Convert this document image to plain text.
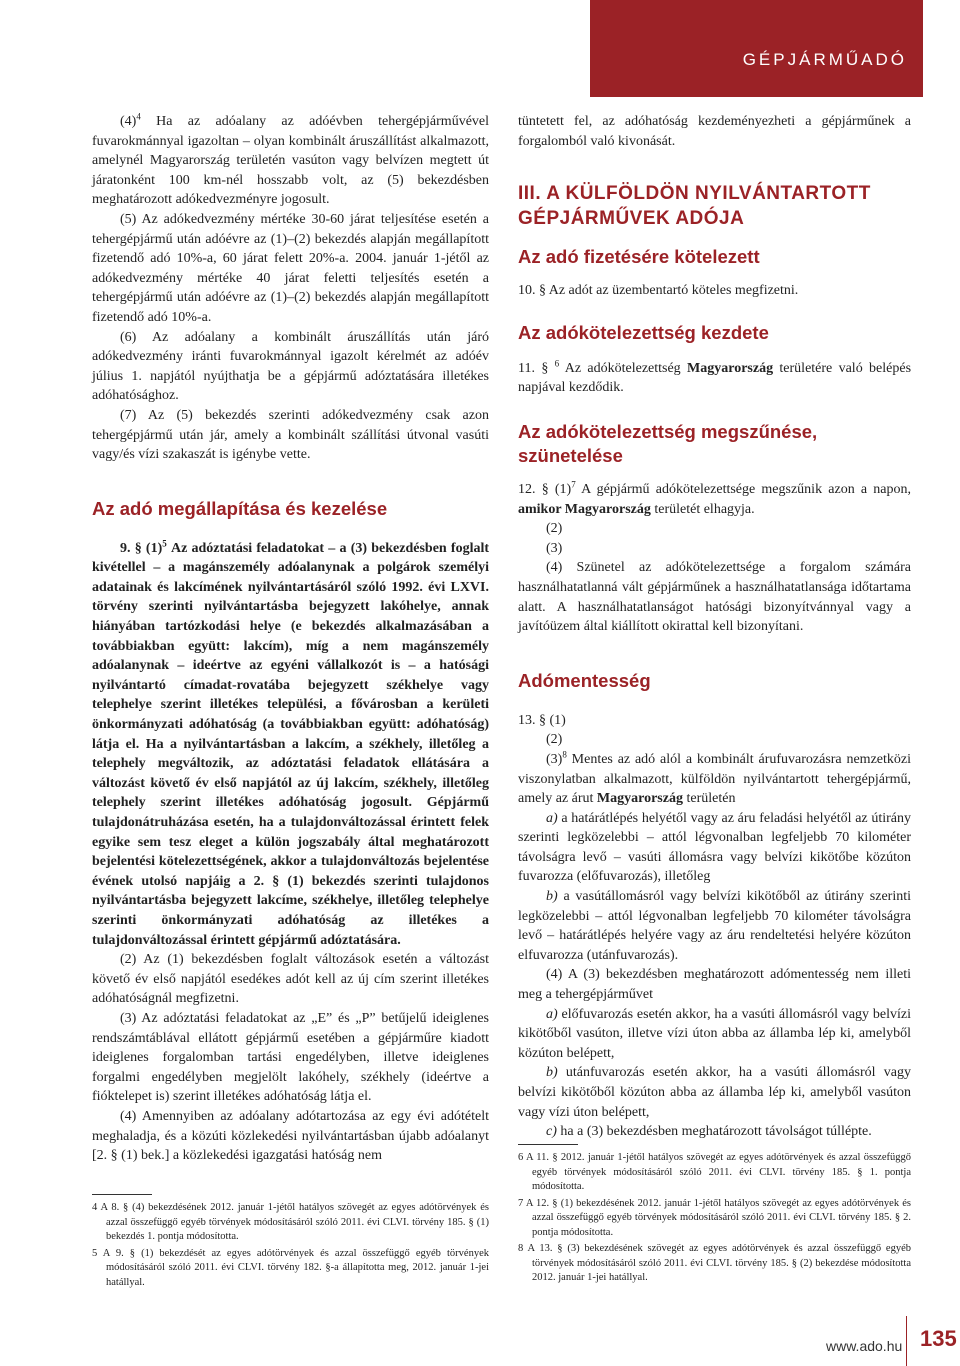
GÉPJÁRMŰADÓ

$(4)^4$ Ha az adóalany az adóévben tehergépjárművével fuvarokmánnyal igazoltan – olyan kombinált áruszállítást alkalmazott, amelynél Magyarország területén vasúton vagy belvízen megtett út járatonként 100 km-nél hosszabb volt, az (5) bekezdésben meghatározott adókedvezményre jogosult.

(5) Az adókedvezmény mértéke 30-60 járat teljesítése esetén a tehergépjármű után adóévre az (1)–(2) bekezdés alapján megállapított fizetendő adó 10%-a, 60 járat felett 20%-a. 2004. január 1-jétől az adókedvezmény mértéke 40 járat feletti teljesítés esetén a tehergépjármű után adóévre az (1)–(2) bekezdés alapján megállapított fizetendő adó 10%-a.

(6) Az adóalany a kombinált áruszállítás után járó adókedvezmény iránti fuvarokmánnyal igazolt kérelmét az adóév július 1. napjától nyújthatja be a gépjármű adóztatására illetékes adóhatósághoz.

(7) Az (5) bekezdés szerinti adókedvezmény csak azon tehergépjármű után jár, amely a kombinált szállítási útvonal vasúti vagy/és vízi szakaszát is igénybe vette.

Az adó megállapítása és kezelése

9. § $(1)^5$ Az adóztatási feladatokat – a (3) bekezdésben foglalt kivétellel – a magánszemély adóalanynak a polgárok személyi adatainak és lakcímének nyilvántartásáról szóló 1992. évi LXVI. törvény szerinti nyilvántartásba bejegyzett lakóhelye, annak hiányában tartózkodási helye (e bekezdés alkalmazásában a továbbiakban együtt: lakcím), míg a nem magánszemély adóalanynak – ideértve az egyéni vállalkozót is – a hatósági nyilvántartó címadat-rovatába bejegyzett székhelye vagy telephelye szerint illetékes települési, a fővárosban a kerületi önkormányzati adóhatóság (a továbbiakban együtt: adóhatóság) látja el. Ha a nyilvántartásban a lakcím, a székhely, illetőleg a telephely megváltozik, az adóztatási feladatok ellátására a változást követő év első napjától az új lakcím, székhely, illetőleg telephely szerint illetékes adóhatóság jogosult. Gépjármű tulajdonátruházása esetén, ha a tulajdonváltozással érintett felek egyike sem tesz eleget a külön jogszabály által meghatározott bejelentési kötelezettségének, akkor a tulajdonváltozás bejelentése évének utolsó napjáig a 2. § (1) bekezdés szerinti tulajdonos nyilvántartásba bejegyzett lakcíme, székhelye, illetőleg telephelye szerinti önkormányzati adóhatóság az illetékes a tulajdonváltozással érintett gépjármű adóztatására.

(2) Az (1) bekezdésben foglalt változások esetén a változást követő év első napjától esedékes adót kell az új cím szerint illetékes adóhatóságnál megfizetni.

(3) Az adóztatási feladatokat az „E” és „P” betűjelű ideiglenes rendszámtáblával ellátott gépjármű esetében a gépjárműre kiadott ideiglenes forgalomban tartási engedélyben, illetve ideiglenes forgalmi engedélyben megjelölt lakóhely, székhely (ideértve a fióktelepet is) szerint illetékes adóhatóság látja el.

(4) Amennyiben az adóalany adótartozása az egy évi adótételt meghaladja, és a közúti közlekedési nyilvántartásban újabb adóalanyt [2. § (1) bek.] a közlekedési igazgatási hatóság nem

4 A 8. § (4) bekezdésének 2012. január 1-jétől hatályos szövegét az egyes adótörvények és azzal összefüggő egyéb törvények módosításáról szóló 2011. évi CLVI. törvény 185. § (1) bekezdés 1. pontja módosította.

5 A 9. § (1) bekezdését az egyes adótörvények és azzal összefüggő egyéb törvények módosításáról szóló 2011. évi CLVI. törvény 182. §-a állapította meg, 2012. január 1-jei hatállyal.

tüntetett fel, az adóhatóság kezdeményezheti a gépjárműnek a forgalomból való kivonását.

III. A KÜLFÖLDÖN NYILVÁNTARTOTT GÉPJÁRMŰVEK ADÓJA
Az adó fizetésére kötelezett

10. § Az adót az üzembentartó köteles megfizetni.

Az adókötelezettség kezdete

11. § $^6$ Az adókötelezettség Magyarország területére való belépés napjával kezdődik.

Az adókötelezettség megszűnése, szünetelése

12. § $(1)^7$ A gépjármű adókötelezettsége megszűnik azon a napon, amikor Magyarország területét elhagyja.

(2)

(3)

(4) Szünetel az adókötelezettsége a forgalom számára használhatatlanná vált gépjárműnek a használhatatlansága időtartama alatt. A használhatatlanságot hatósági bizonyítvánnyal vagy a javítóüzem által kiállított okirattal kell bizonyítani.

Adómentesség

13. § (1)

(2)

$(3)^8$ Mentes az adó alól a kombinált árufuvarozásra nemzetközi viszonylatban alkalmazott, külföldön nyilvántartott tehergépjármű, amely az árut Magyarország területén

a) a határátlépés helyétől vagy az áru feladási helyétől az útirány szerinti legközelebbi – attól légvonalban legfeljebb 70 kilométer távolságra levő – vasúti állomásra vagy belvízi kikötőbe közúton fuvarozza (előfuvarozás), illetőleg

b) a vasútállomásról vagy belvízi kikötőből az útirány szerinti legközelebbi – attól légvonalban legfeljebb 70 kilométer távolságra levő – határátlépés helyére vagy az áru rendeltetési helyére közúton elfuvarozza (utánfuvarozás).

(4) A (3) bekezdésben meghatározott adómentesség nem illeti meg a tehergépjárművet

a) előfuvarozás esetén akkor, ha a vasúti állomásról vagy belvízi kikötőből vasúton, illetve vízi úton abba az állambа lép ki, amelyből közúton belépett,

b) utánfuvarozás esetén akkor, ha a vasúti állomásról vagy belvízi kikötőből közúton abba az állambа lép ki, amelyből vasúton vagy vízi úton belépett,

c) ha a (3) bekezdésben meghatározott távolságot túllépte.

6 A 11. § 2012. január 1-jétől hatályos szövegét az egyes adótörvények és azzal összefüggő egyéb törvények módosításáról szóló 2011. évi CLVI. törvény 185. § 1. pontja módosította.

7 A 12. § (1) bekezdésének 2012. január 1-jétől hatályos szövegét az egyes adótörvények és azzal összefüggő egyéb törvények módosításáról szóló 2011. évi CLVI. törvény 185. § 2. pontja módosította.

8 A 13. § (3) bekezdésének szövegét az egyes adótörvények és azzal összefüggő egyéb törvények módosításáról szóló 2011. évi CLVI. törvény 185. § (2) bekezdése módosította 2012. január 1-jei hatállyal.

www.ado.hu 135
